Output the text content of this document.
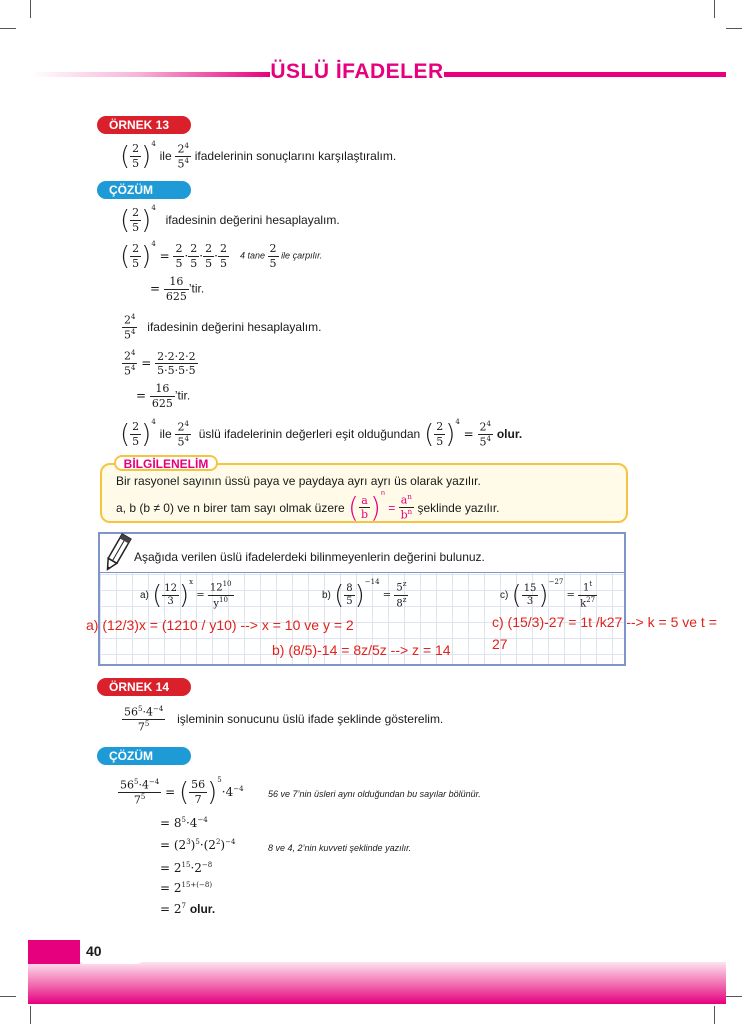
ÜSLÜ İFADELER
ÖRNEK 13
( $\frac{2}{5} )^4$ ile $\frac{2^4}{5^4}$ ifadelerinin sonuçlarını karşılaştıralım.
ÇÖZÜM
( $\frac{2}{5} )^4$ ifadesinin değerini hesaplayalım.
( $\frac{2}{5} )^4 = \frac{2}{5} \cdot \frac{2}{5} \cdot \frac{2}{5} \cdot \frac{2}{5} 4$ tane $\frac{2}{5}$ ile çarpılır.
= $\frac{16}{625}$ ’tir.
$\frac{2^4}{5^4}$ ifadesinin değerini hesaplayalım.
$\frac{2^4}{5^4} = \frac{2\cdot 2\cdot 2\cdot 2}{5\cdot 5\cdot 5\cdot 5}$
= $\frac{16}{625}$ ’tir.
( $\frac{2}{5} )^4$ ile $\frac{2^4}{5^4}$ üslü ifadelerinin değerleri eşit olduğundan ( $\frac{2}{5} )^4 = \frac{2^4}{5^4}$ olur.
BİLGİLENELİM
Bir rasyonel sayının üssü paya ve paydaya ayrı ayrı üs olarak yazılır.
a, b (b ≠ 0) ve n birer tam sayı olmak üzere ( $\frac{a}{b} )^n = \frac{a^n}{b^n}$ şeklinde yazılır.
Aşağıda verilen üslü ifadelerdeki bilinmeyenlerin değerini bulunuz.
a) ( $\frac{12}{3} )^x = \frac{12^{10}}{y^{10}}$	b) ( $\frac{8}{5} )^{-14} = \frac{5^z}{8^z}$	c) ( $\frac{15}{3} )^{-27} = \frac{1^t}{k^{27}}$
a) (12/3)x = (1210 / y10) --> x = 10 ve y = 2
b) (8/5)-14 = 8z/5z --> z = 14
c) (15/3)-27 = 1t /k27 --> k = 5 ve t =
27
ÖRNEK 14
$\frac{56^5\cdot 4^{-4}}{7^5}$ işleminin sonucunu üslü ifade şeklinde gösterelim.
ÇÖZÜM
$\frac{56^5\cdot 4^{-4}}{7^5}$ = ( $\frac{56}{7} )^5\cdot 4^{-4}$	56 ve 7’nin üsleri aynı olduğundan bu sayılar bölünür.
= $8^5\cdot 4^{-4}$
= $(2^3)^5\cdot(2^2)^{-4}$
8 ve 4, 2’nin kuvveti şeklinde yazılır.
= $2^{15}\cdot 2^{-8}$
= $2^{15+(-8)}$
= $2^7$ olur.
40
